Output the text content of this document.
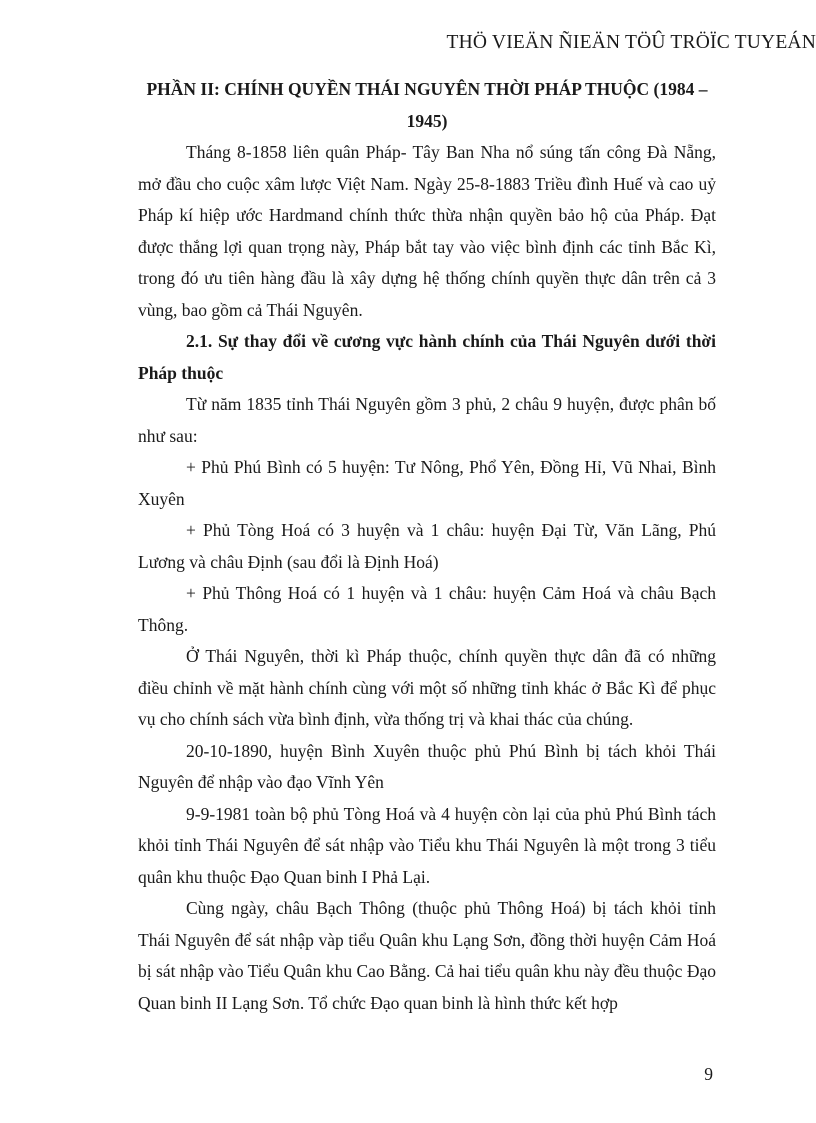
THÖ VIEÄN ÑIEÄN TÖÛ TRÖÏC TUYEÁN
PHẦN II: CHÍNH QUYỀN THÁI NGUYÊN THỜI PHÁP THUỘC (1984 –
1945)

Tháng 8-1858 liên quân Pháp- Tây Ban Nha nổ súng tấn công Đà Nẵng, mở đầu cho cuộc xâm lược Việt Nam. Ngày 25-8-1883 Triều đình Huế và cao uỷ Pháp kí hiệp ước Hardmand chính thức thừa nhận quyền bảo hộ của Pháp. Đạt được thắng lợi quan trọng này, Pháp bắt tay vào việc bình định các tỉnh Bắc Kì, trong đó ưu tiên hàng đầu là xây dựng hệ thống chính quyền thực dân trên cả 3 vùng, bao gồm cả Thái Nguyên.

2.1. Sự thay đổi về cương vực hành chính của Thái Nguyên dưới thời Pháp thuộc

Từ năm 1835 tỉnh Thái Nguyên gồm 3 phủ, 2 châu 9 huyện, được phân bố như sau:

+ Phủ Phú Bình có 5 huyện: Tư Nông, Phổ Yên, Đồng Hỉ, Vũ Nhai, Bình Xuyên

+ Phủ Tòng Hoá có 3 huyện và 1 châu: huyện Đại Từ, Văn Lãng, Phú Lương và châu Định (sau đổi là Định Hoá)

+ Phủ Thông Hoá có 1 huyện và 1 châu: huyện Cảm Hoá và châu Bạch Thông.

Ở Thái Nguyên, thời kì Pháp thuộc, chính quyền thực dân đã có những điều chỉnh về mặt hành chính cùng với một số những tỉnh khác ở Bắc Kì để phục vụ cho chính sách vừa bình định, vừa thống trị và khai thác của chúng.

20-10-1890, huyện Bình Xuyên thuộc phủ Phú Bình bị tách khỏi Thái Nguyên để nhập vào đạo Vĩnh Yên

9-9-1981 toàn bộ phủ Tòng Hoá và 4 huyện còn lại của phủ Phú Bình tách khỏi tỉnh Thái Nguyên để sát nhập vào Tiểu khu Thái Nguyên là một trong 3 tiểu quân khu thuộc Đạo Quan binh I Phả Lại.

Cùng ngày, châu Bạch Thông (thuộc phủ Thông Hoá) bị tách khỏi tỉnh Thái Nguyên để sát nhập vàp tiểu Quân khu Lạng Sơn, đồng thời huyện Cảm Hoá bị sát nhập vào Tiểu Quân khu Cao Bằng. Cả hai tiểu quân khu này đều thuộc Đạo Quan binh II Lạng Sơn. Tổ chức Đạo quan binh là hình thức kết hợp

9
